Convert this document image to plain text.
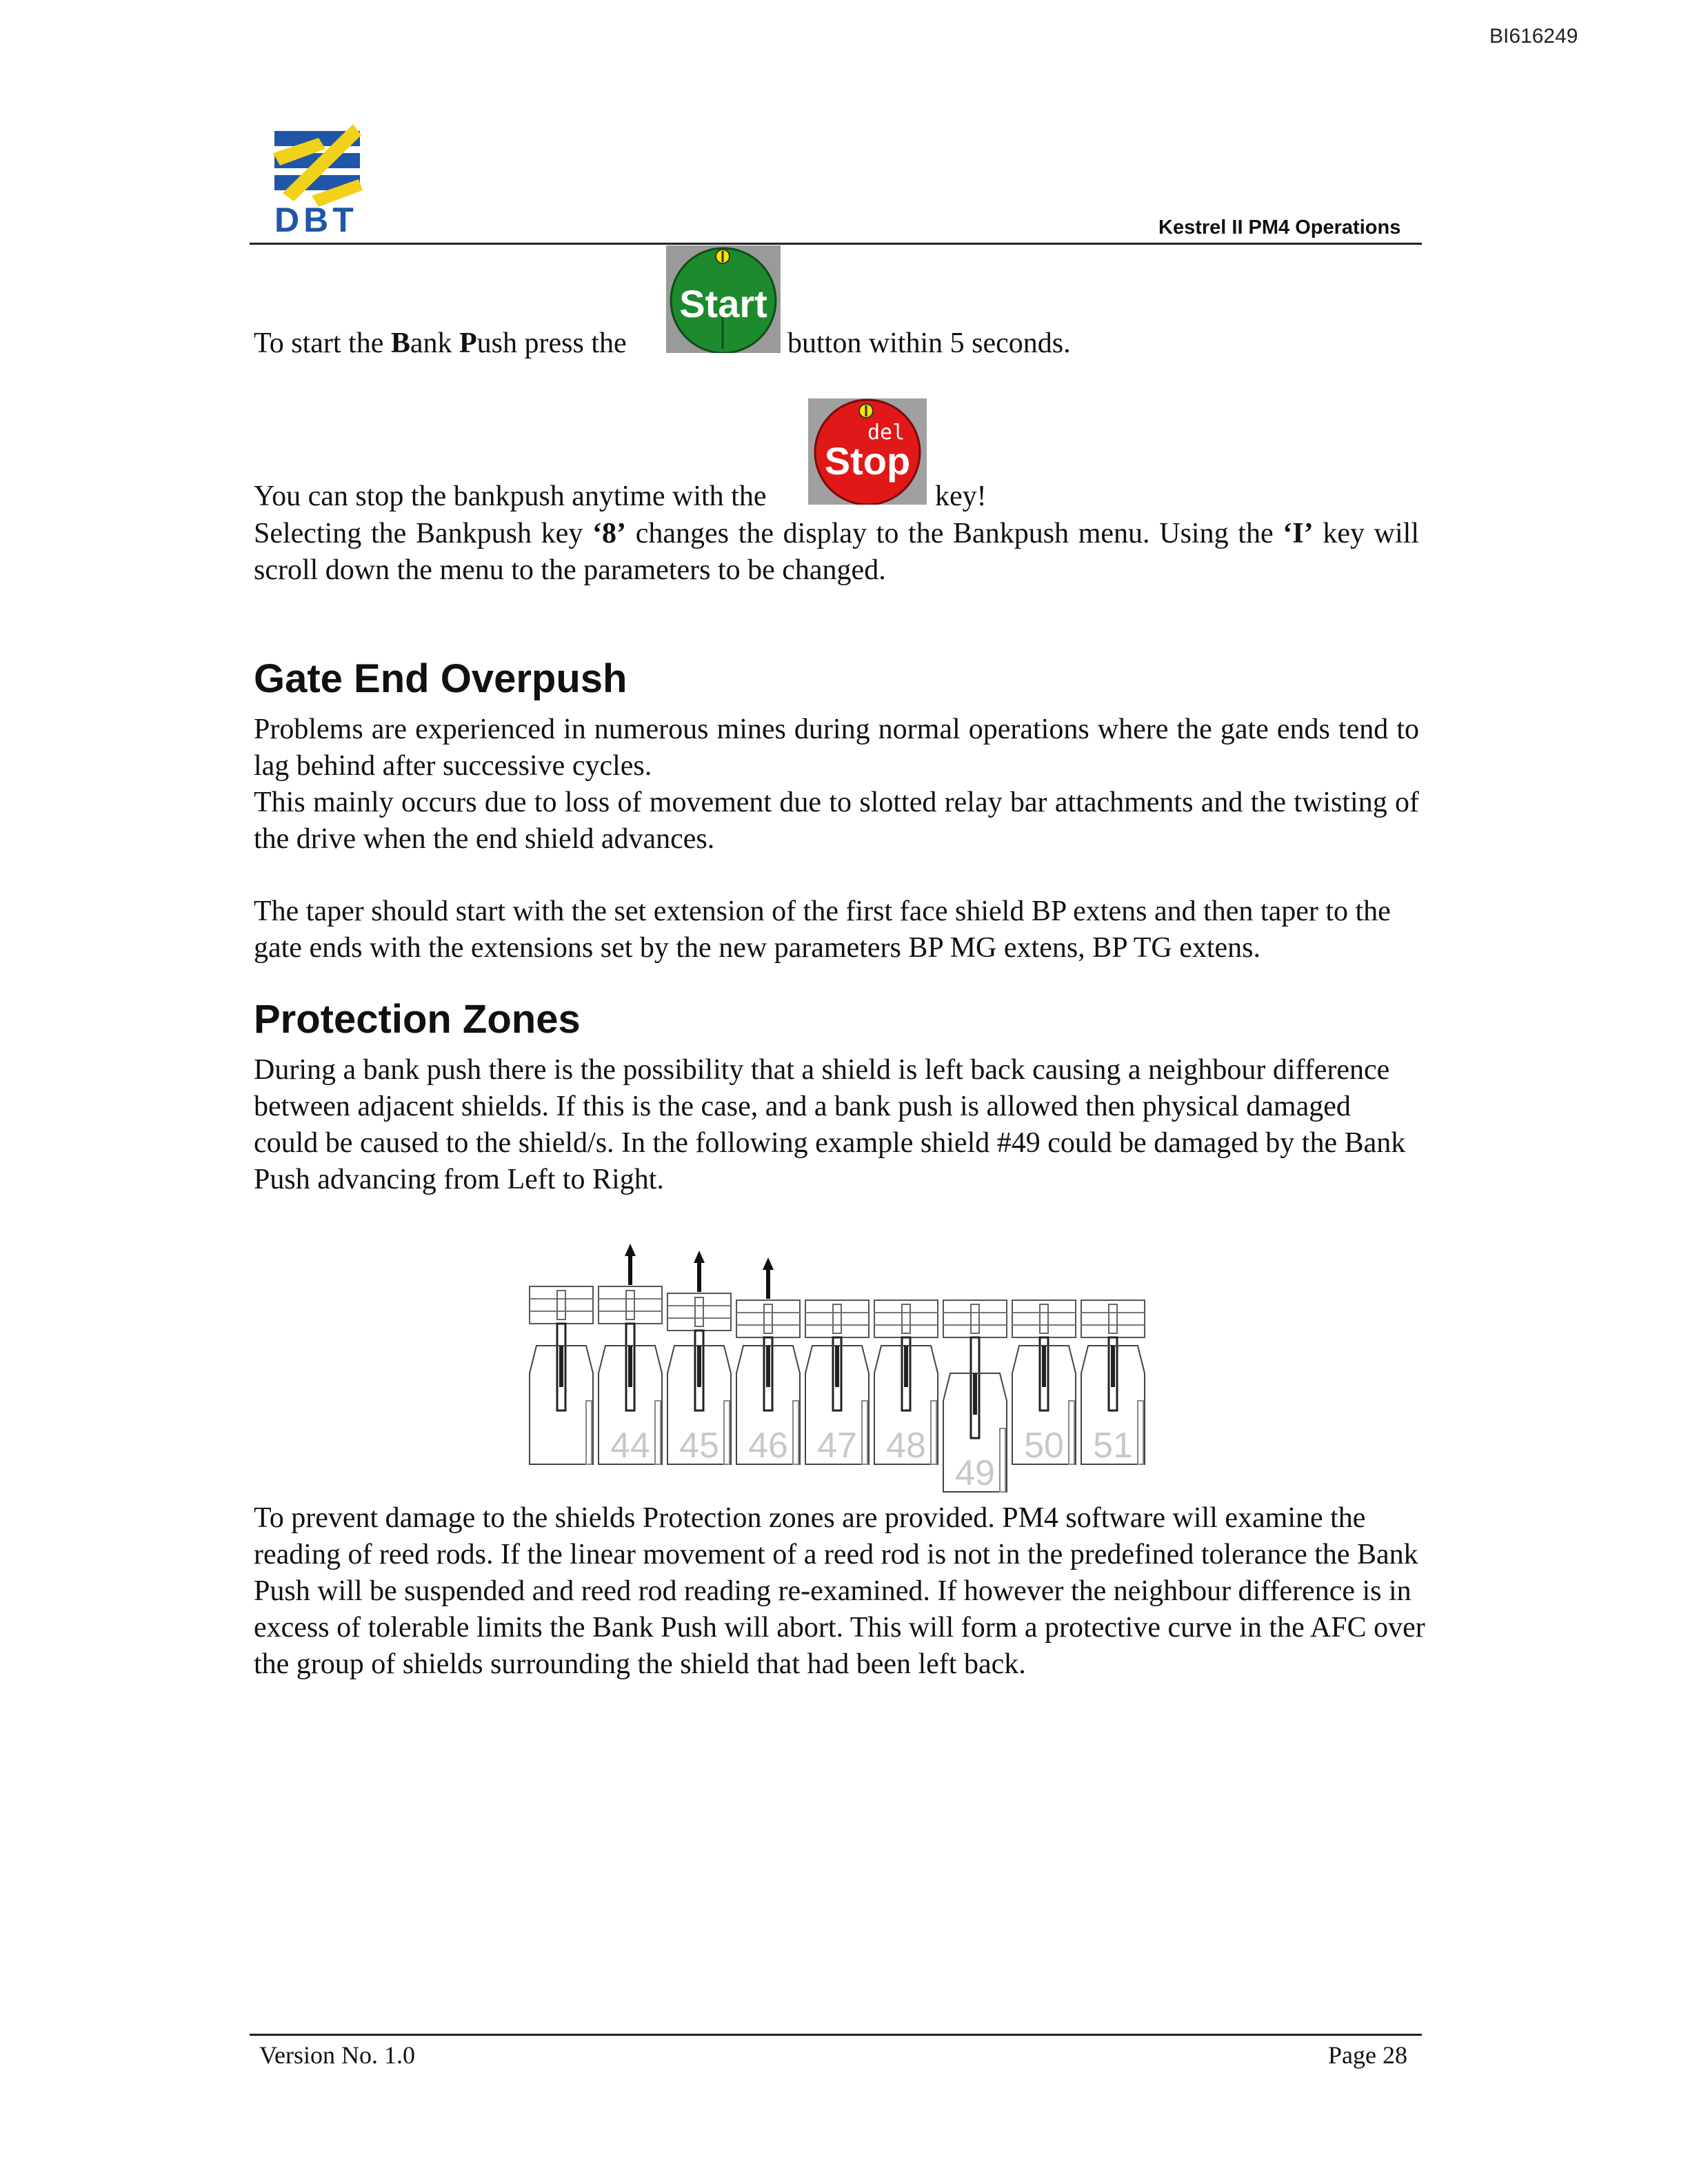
BI616249
DBT	Kestrel II PM4 Operations
Start
To start the Bank Push press the	button within 5 seconds.
del
Stop
You can stop the bankpush anytime with the	key!
Selecting the Bankpush key ‘8’ changes the display to the Bankpush menu. Using the ‘I’ key will scroll down the menu to the parameters to be changed.
Gate End Overpush
Problems are experienced in numerous mines during normal operations where the gate ends tend to lag behind after successive cycles.
This mainly occurs due to loss of movement due to slotted relay bar attachments and the twisting of the drive when the end shield advances.
The taper should start with the set extension of the first face shield BP extens and then taper to the gate ends with the extensions set by the new parameters BP MG extens, BP TG extens.
Protection Zones
During a bank push there is the possibility that a shield is left back causing a neighbour difference between adjacent shields. If this is the case, and a bank push is allowed then physical damaged could be caused to the shield/s. In the following example shield #49 could be damaged by the Bank Push advancing from Left to Right.
44 45 46 47 48
49
50 51
To prevent damage to the shields Protection zones are provided. PM4 software will examine the reading of reed rods. If the linear movement of a reed rod is not in the predefined tolerance the Bank Push will be suspended and reed rod reading re-examined. If however the neighbour difference is in excess of tolerable limits the Bank Push will abort. This will form a protective curve in the AFC over the group of shields surrounding the shield that had been left back.
Version No. 1.0	Page 28
